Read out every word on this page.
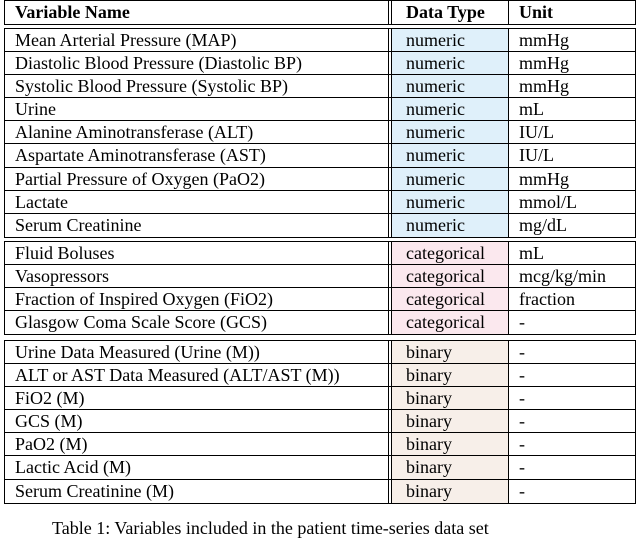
Variable Name	Data Type	Unit
Mean Arterial Pressure (MAP)	numeric	mmHg
Diastolic Blood Pressure (Diastolic BP)	numeric	mmHg
Systolic Blood Pressure (Systolic BP)	numeric	mmHg
Urine	numeric	mL
Alanine Aminotransferase (ALT)	numeric	IU/L
Aspartate Aminotransferase (AST)	numeric	IU/L
Partial Pressure of Oxygen (PaO2)	numeric	mmHg
Lactate	numeric	mmol/L
Serum Creatinine	numeric	mg/dL
Fluid Boluses	categorical	mL
Vasopressors	categorical	mcg/kg/min
Fraction of Inspired Oxygen (FiO2)	categorical	fraction
Glasgow Coma Scale Score (GCS)	categorical	-
Urine Data Measured (Urine (M))	binary	-
ALT or AST Data Measured (ALT/AST (M))	binary	-
FiO2 (M)	binary	-
GCS (M)	binary	-
PaO2 (M)	binary	-
Lactic Acid (M)	binary	-
Serum Creatinine (M)	binary	-
Table 1: Variables included in the patient time-series data set
